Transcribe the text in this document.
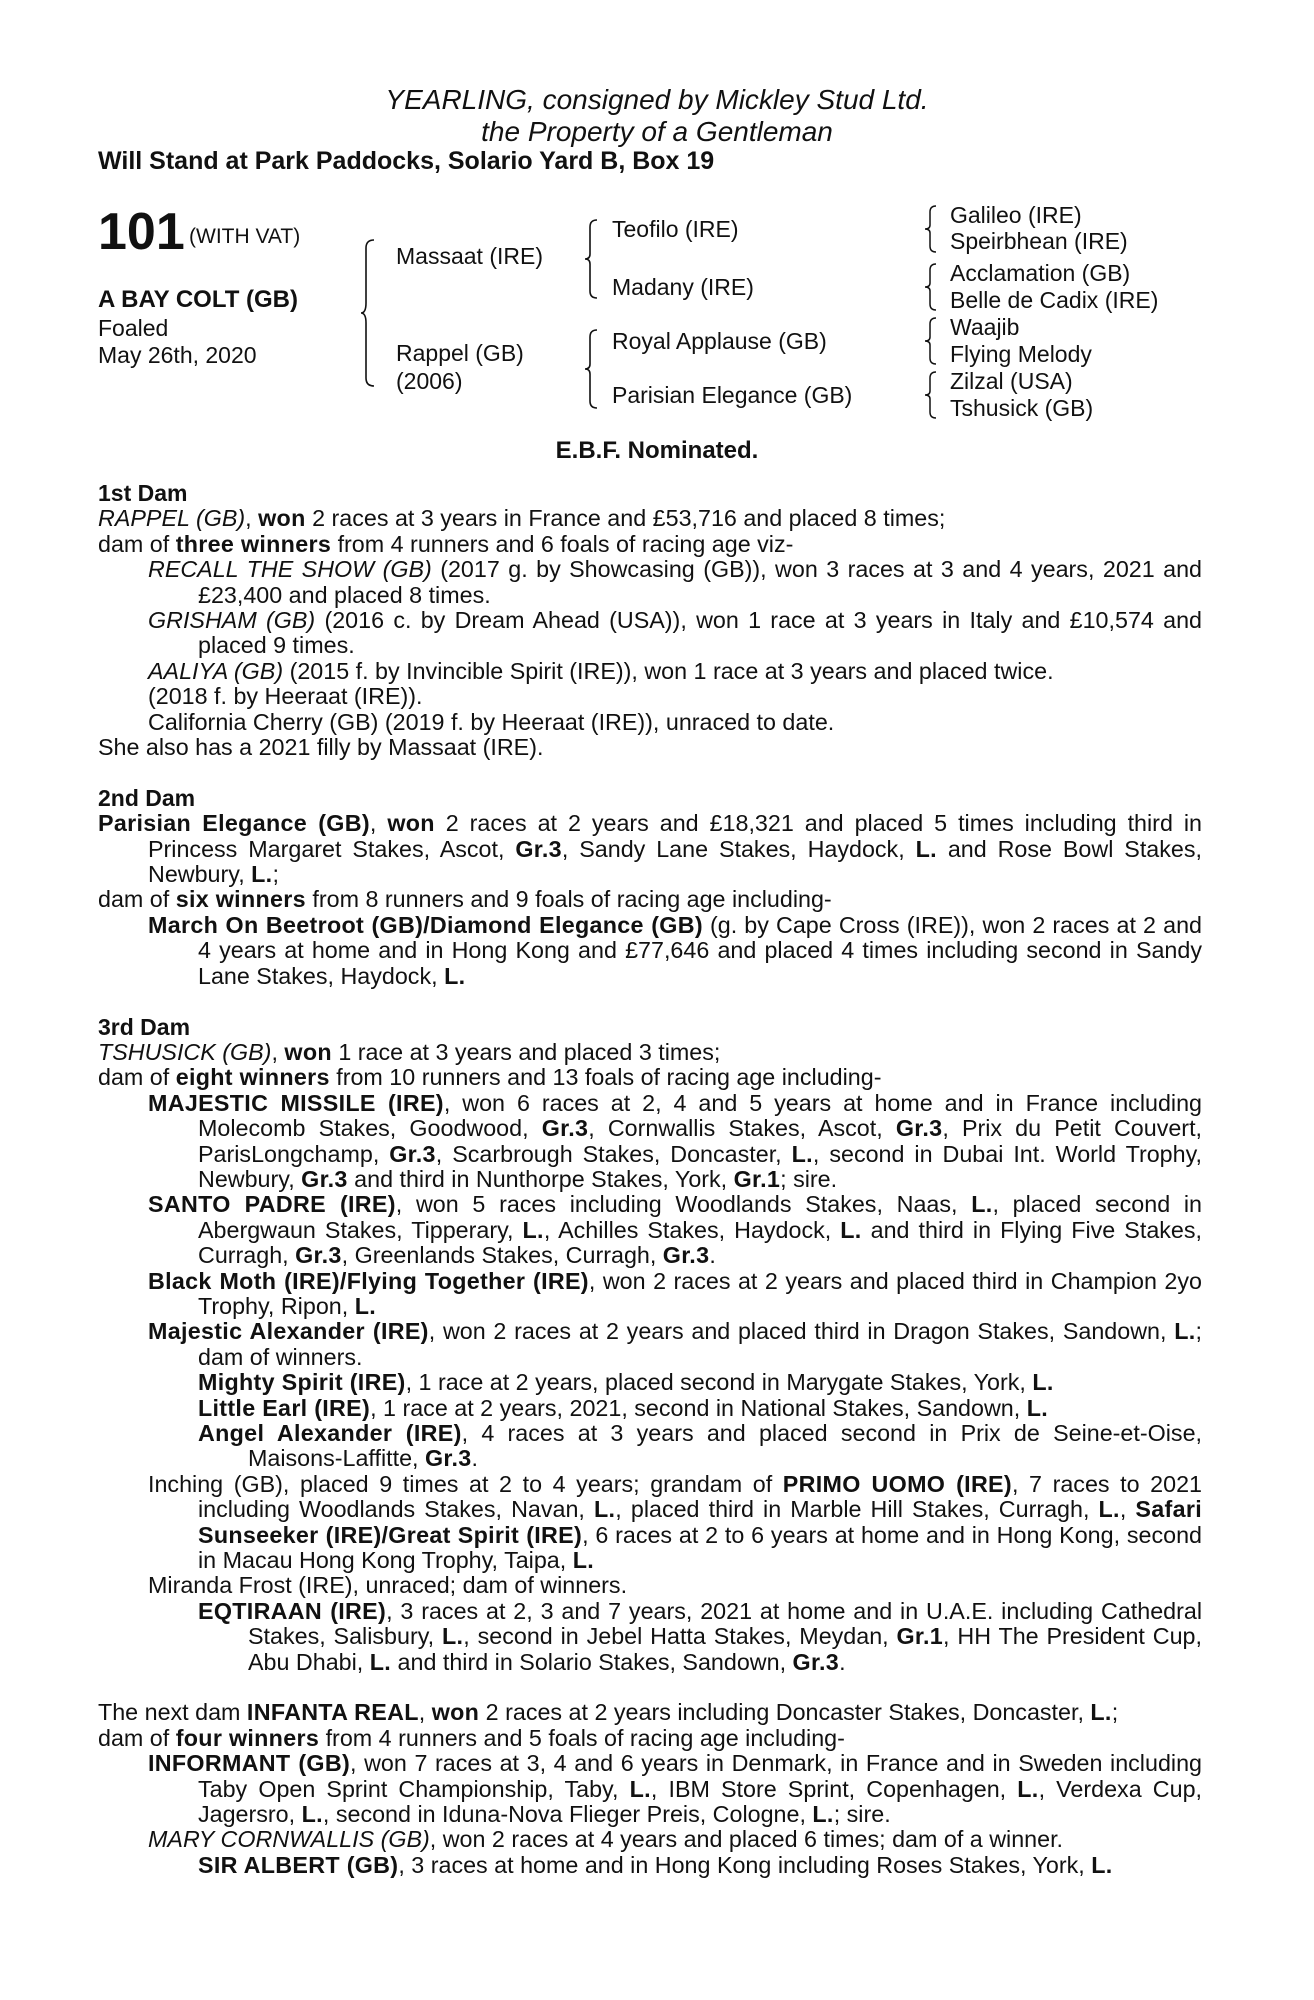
YEARLING, consigned by Mickley Stud Ltd.
the Property of a Gentleman
Will Stand at Park Paddocks, Solario Yard B, Box 19
101 (WITH VAT)
A BAY COLT (GB)
Foaled
May 26th, 2020
Massaat (IRE)
Rappel (GB)
(2006)
Teofilo (IRE)
Madany (IRE)
Royal Applause (GB)
Parisian Elegance (GB)
Galileo (IRE)
Speirbhean (IRE)
Acclamation (GB)
Belle de Cadix (IRE)
Waajib
Flying Melody
Zilzal (USA)
Tshusick (GB)
E.B.F. Nominated.

1st Dam

RAPPEL (GB), won 2 races at 3 years in France and £53,716 and placed 8 times;

dam of three winners from 4 runners and 6 foals of racing age viz-

RECALL THE SHOW (GB) (2017 g. by Showcasing (GB)), won 3 races at 3 and 4 years, 2021 and £23,400 and placed 8 times.

GRISHAM (GB) (2016 c. by Dream Ahead (USA)), won 1 race at 3 years in Italy and £10,574 and placed 9 times.

AALIYA (GB) (2015 f. by Invincible Spirit (IRE)), won 1 race at 3 years and placed twice.

(2018 f. by Heeraat (IRE)).

California Cherry (GB) (2019 f. by Heeraat (IRE)), unraced to date.

She also has a 2021 filly by Massaat (IRE).

2nd Dam

Parisian Elegance (GB), won 2 races at 2 years and £18,321 and placed 5 times including third in Princess Margaret Stakes, Ascot, Gr.3, Sandy Lane Stakes, Haydock, L. and Rose Bowl Stakes, Newbury, L.;

dam of six winners from 8 runners and 9 foals of racing age including-

March On Beetroot (GB)/Diamond Elegance (GB) (g. by Cape Cross (IRE)), won 2 races at 2 and 4 years at home and in Hong Kong and £77,646 and placed 4 times including second in Sandy Lane Stakes, Haydock, L.

3rd Dam

TSHUSICK (GB), won 1 race at 3 years and placed 3 times;

dam of eight winners from 10 runners and 13 foals of racing age including-

MAJESTIC MISSILE (IRE), won 6 races at 2, 4 and 5 years at home and in France including Molecomb Stakes, Goodwood, Gr.3, Cornwallis Stakes, Ascot, Gr.3, Prix du Petit Couvert, ParisLongchamp, Gr.3, Scarbrough Stakes, Doncaster, L., second in Dubai Int. World Trophy, Newbury, Gr.3 and third in Nunthorpe Stakes, York, Gr.1; sire.

SANTO PADRE (IRE), won 5 races including Woodlands Stakes, Naas, L., placed second in Abergwaun Stakes, Tipperary, L., Achilles Stakes, Haydock, L. and third in Flying Five Stakes, Curragh, Gr.3, Greenlands Stakes, Curragh, Gr.3.

Black Moth (IRE)/Flying Together (IRE), won 2 races at 2 years and placed third in Champion 2yo Trophy, Ripon, L.

Majestic Alexander (IRE), won 2 races at 2 years and placed third in Dragon Stakes, Sandown, L.; dam of winners.

Mighty Spirit (IRE), 1 race at 2 years, placed second in Marygate Stakes, York, L.

Little Earl (IRE), 1 race at 2 years, 2021, second in National Stakes, Sandown, L.

Angel Alexander (IRE), 4 races at 3 years and placed second in Prix de Seine-et-Oise, Maisons-Laffitte, Gr.3.

Inching (GB), placed 9 times at 2 to 4 years; grandam of PRIMO UOMO (IRE), 7 races to 2021 including Woodlands Stakes, Navan, L., placed third in Marble Hill Stakes, Curragh, L., Safari Sunseeker (IRE)/Great Spirit (IRE), 6 races at 2 to 6 years at home and in Hong Kong, second in Macau Hong Kong Trophy, Taipa, L.

Miranda Frost (IRE), unraced; dam of winners.

EQTIRAAN (IRE), 3 races at 2, 3 and 7 years, 2021 at home and in U.A.E. including Cathedral Stakes, Salisbury, L., second in Jebel Hatta Stakes, Meydan, Gr.1, HH The President Cup, Abu Dhabi, L. and third in Solario Stakes, Sandown, Gr.3.

The next dam INFANTA REAL, won 2 races at 2 years including Doncaster Stakes, Doncaster, L.;

dam of four winners from 4 runners and 5 foals of racing age including-

INFORMANT (GB), won 7 races at 3, 4 and 6 years in Denmark, in France and in Sweden including Taby Open Sprint Championship, Taby, L., IBM Store Sprint, Copenhagen, L., Verdexa Cup, Jagersro, L., second in Iduna-Nova Flieger Preis, Cologne, L.; sire.

MARY CORNWALLIS (GB), won 2 races at 4 years and placed 6 times; dam of a winner.

SIR ALBERT (GB), 3 races at home and in Hong Kong including Roses Stakes, York, L.
